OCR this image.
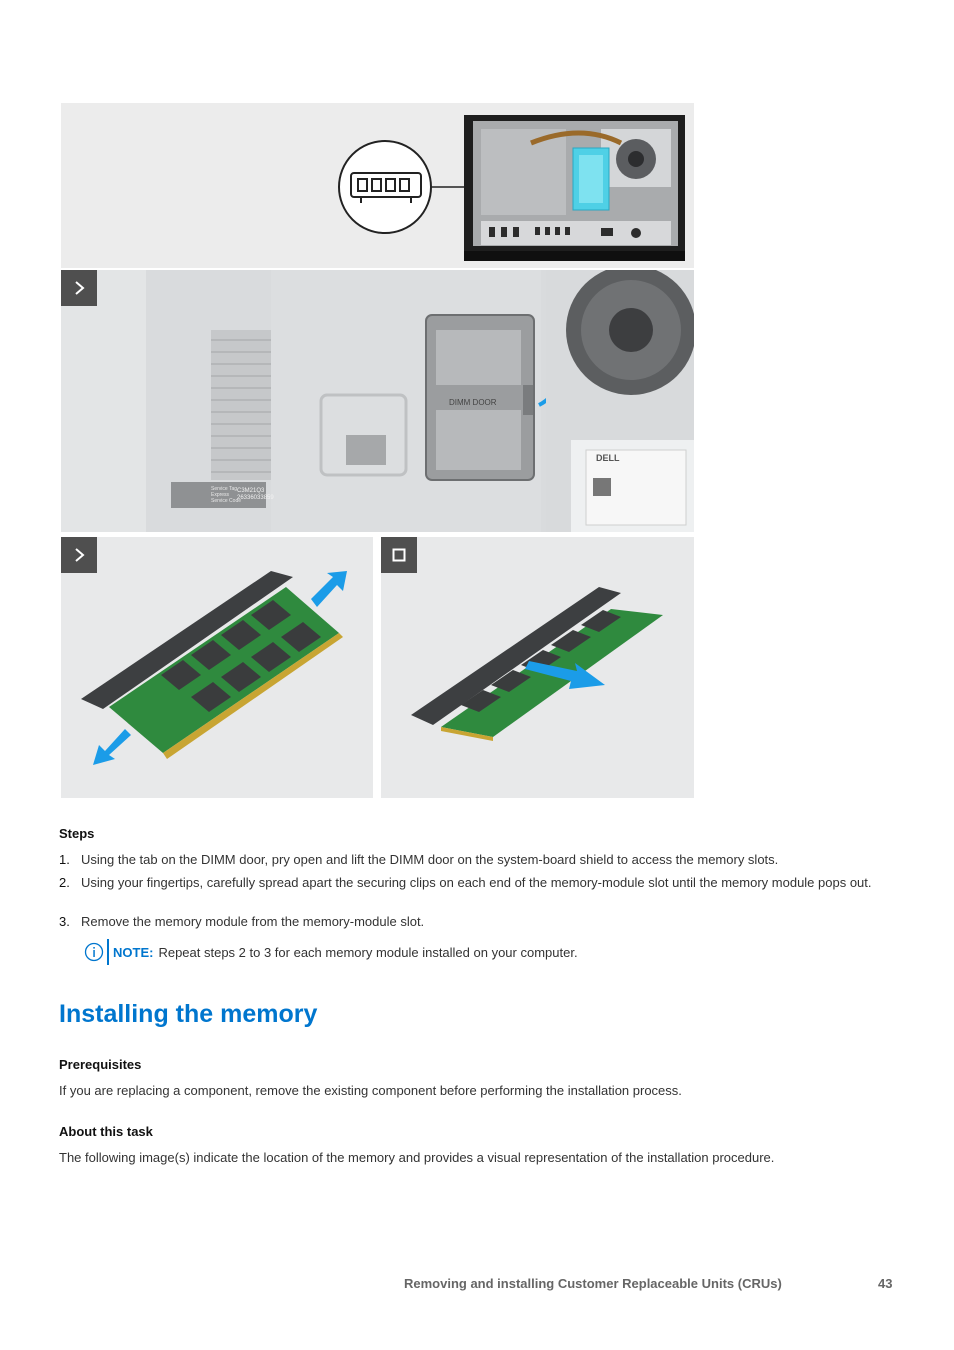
Service Tag
Express
Service Code
C3M21Q3
26336033859
DIMM DOOR
DELL
Steps
1. Using the tab on the DIMM door, pry open and lift the DIMM door on the system-board shield to access the memory slots.
2. Using your fingertips, carefully spread apart the securing clips on each end of the memory-module slot until the memory module pops out.
3. Remove the memory module from the memory-module slot.
NOTE: Repeat steps 2 to 3 for each memory module installed on your computer.
Installing the memory
Prerequisites
If you are replacing a component, remove the existing component before performing the installation process.
About this task
The following image(s) indicate the location of the memory and provides a visual representation of the installation procedure.
Removing and installing Customer Replaceable Units (CRUs)	43
